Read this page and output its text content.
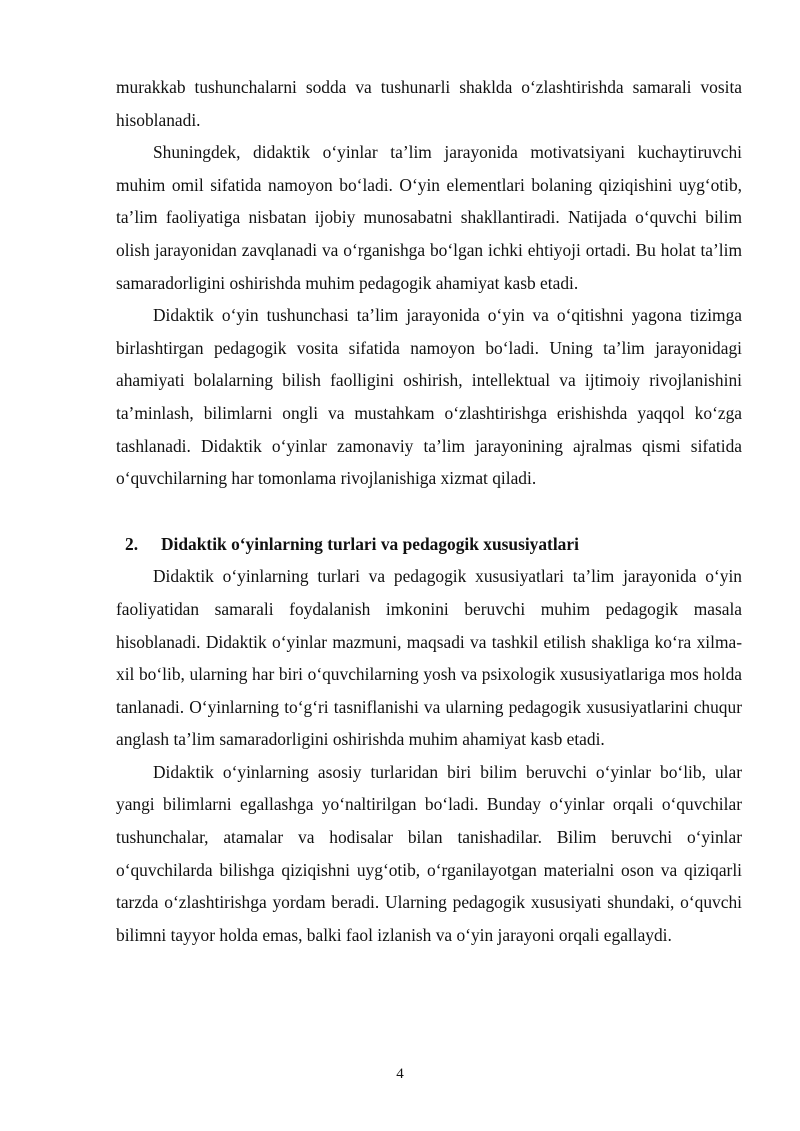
murakkab tushunchalarni sodda va tushunarli shaklda o‘zlashtirishda samarali vosita hisoblanadi.

Shuningdek, didaktik o‘yinlar ta’lim jarayonida motivatsiyani kuchaytiruvchi muhim omil sifatida namoyon bo‘ladi. O‘yin elementlari bolaning qiziqishini uyg‘otib, ta’lim faoliyatiga nisbatan ijobiy munosabatni shakllantiradi. Natijada o‘quvchi bilim olish jarayonidan zavqlanadi va o‘rganishga bo‘lgan ichki ehtiyoji ortadi. Bu holat ta’lim samaradorligini oshirishda muhim pedagogik ahamiyat kasb etadi.

Didaktik o‘yin tushunchasi ta’lim jarayonida o‘yin va o‘qitishni yagona tizimga birlashtirgan pedagogik vosita sifatida namoyon bo‘ladi. Uning ta’lim jarayonidagi ahamiyati bolalarning bilish faolligini oshirish, intellektual va ijtimoiy rivojlanishini ta’minlash, bilimlarni ongli va mustahkam o‘zlashtirishga erishishda yaqqol ko‘zga tashlanadi. Didaktik o‘yinlar zamonaviy ta’lim jarayonining ajralmas qismi sifatida o‘quvchilarning har tomonlama rivojlanishiga xizmat qiladi.

2.	Didaktik o‘yinlarning turlari va pedagogik xususiyatlari

Didaktik o‘yinlarning turlari va pedagogik xususiyatlari ta’lim jarayonida o‘yin faoliyatidan samarali foydalanish imkonini beruvchi muhim pedagogik masala hisoblanadi. Didaktik o‘yinlar mazmuni, maqsadi va tashkil etilish shakliga ko‘ra xilma-xil bo‘lib, ularning har biri o‘quvchilarning yosh va psixologik xususiyatlariga mos holda tanlanadi. O‘yinlarning to‘g‘ri tasniflanishi va ularning pedagogik xususiyatlarini chuqur anglash ta’lim samaradorligini oshirishda muhim ahamiyat kasb etadi.

Didaktik o‘yinlarning asosiy turlaridan biri bilim beruvchi o‘yinlar bo‘lib, ular yangi bilimlarni egallashga yo‘naltirilgan bo‘ladi. Bunday o‘yinlar orqali o‘quvchilar tushunchalar, atamalar va hodisalar bilan tanishadilar. Bilim beruvchi o‘yinlar o‘quvchilarda bilishga qiziqishni uyg‘otib, o‘rganilayotgan materialni oson va qiziqarli tarzda o‘zlashtirishga yordam beradi. Ularning pedagogik xususiyati shundaki, o‘quvchi bilimni tayyor holda emas, balki faol izlanish va o‘yin jarayoni orqali egallaydi.

4
